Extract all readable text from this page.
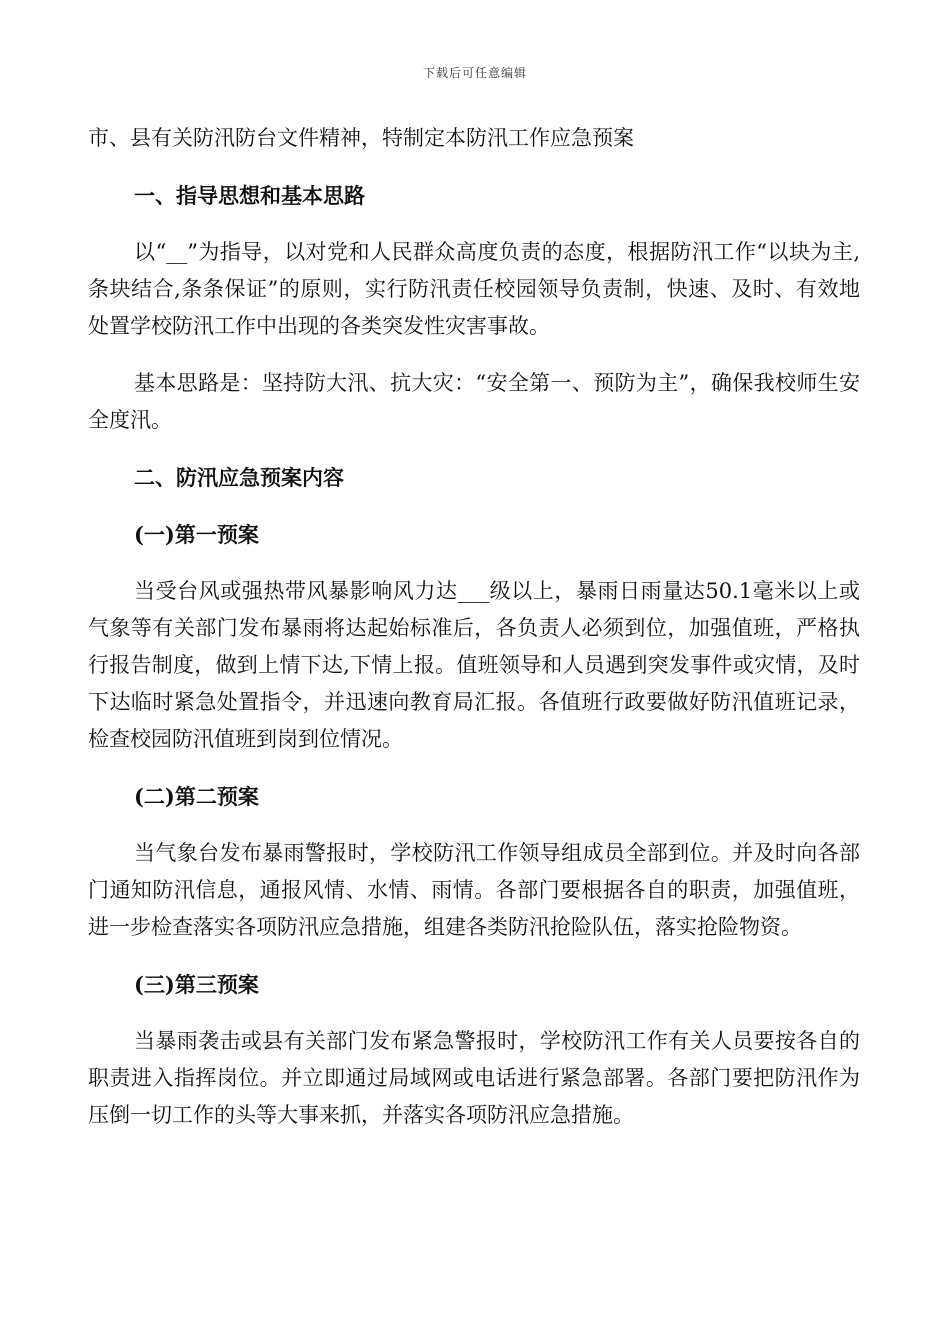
下载后可任意编辑

市、县有关防汛防台文件精神，特制定本防汛工作应急预案

一、指导思想和基本思路

以“__”为指导，以对党和人民群众高度负责的态度，根据防汛工作“以块为主,条块结合,条条保证”的原则，实行防汛责任校园领导负责制，快速、及时、有效地处置学校防汛工作中出现的各类突发性灾害事故。

基本思路是：坚持防大汛、抗大灾：“安全第一、预防为主”，确保我校师生安全度汛。

二、防汛应急预案内容

(一)第一预案

当受台风或强热带风暴影响风力达___级以上，暴雨日雨量达50.1毫米以上或气象等有关部门发布暴雨将达起始标准后，各负责人必须到位，加强值班，严格执行报告制度，做到上情下达,下情上报。值班领导和人员遇到突发事件或灾情，及时下达临时紧急处置指令，并迅速向教育局汇报。各值班行政要做好防汛值班记录，检查校园防汛值班到岗到位情况。

(二)第二预案

当气象台发布暴雨警报时，学校防汛工作领导组成员全部到位。并及时向各部门通知防汛信息，通报风情、水情、雨情。各部门要根据各自的职责，加强值班，进一步检查落实各项防汛应急措施，组建各类防汛抢险队伍，落实抢险物资。

(三)第三预案

当暴雨袭击或县有关部门发布紧急警报时，学校防汛工作有关人员要按各自的职责进入指挥岗位。并立即通过局域网或电话进行紧急部署。各部门要把防汛作为压倒一切工作的头等大事来抓，并落实各项防汛应急措施。
